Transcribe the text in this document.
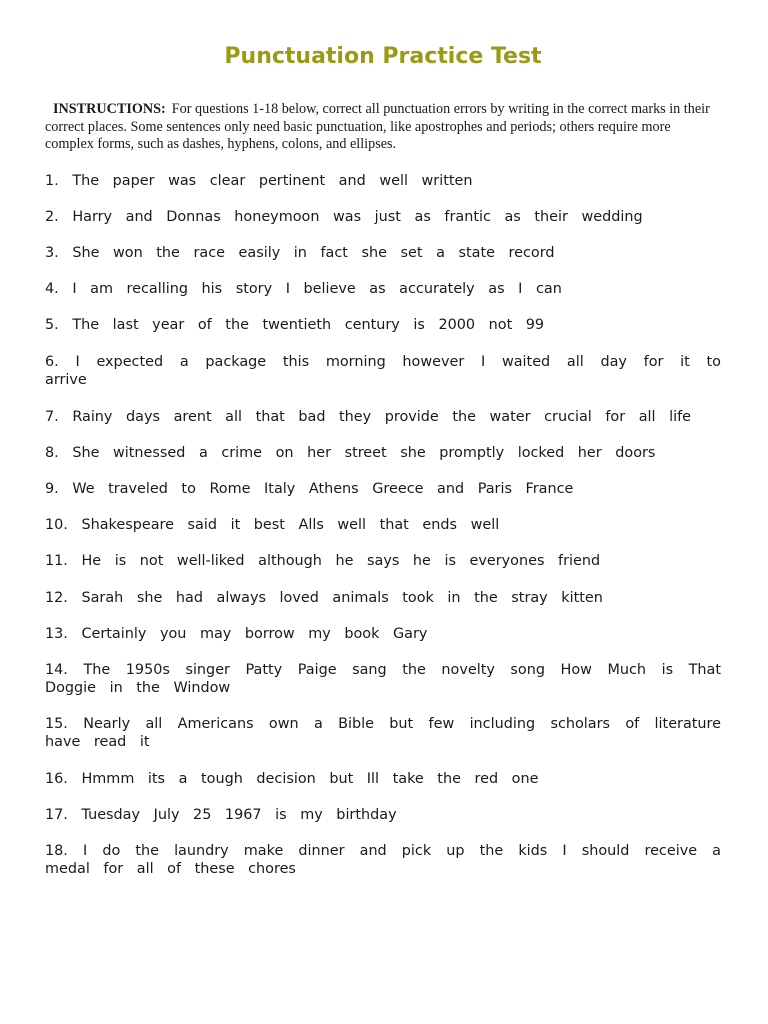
Punctuation Practice Test

INSTRUCTIONS: For questions 1-18 below, correct all punctuation errors by writing in the correct marks in their correct places. Some sentences only need basic punctuation, like apostrophes and periods; others require more complex forms, such as dashes, hyphens, colons, and ellipses.

1. The paper was clear pertinent and well written

2. Harry and Donnas honeymoon was just as frantic as their wedding

3. She won the race easily in fact she set a state record

4. I am recalling his story I believe as accurately as I can

5. The last year of the twentieth century is 2000 not 99

6. I expected a package this morning however I waited all day for it to arrive

7. Rainy days arent all that bad they provide the water crucial for all life

8. She witnessed a crime on her street she promptly locked her doors

9. We traveled to Rome Italy Athens Greece and Paris France

10. Shakespeare said it best Alls well that ends well

11. He is not well-liked although he says he is everyones friend

12. Sarah she had always loved animals took in the stray kitten

13. Certainly you may borrow my book Gary

14. The 1950s singer Patty Paige sang the novelty song How Much is That Doggie in the Window

15. Nearly all Americans own a Bible but few including scholars of literature have read it

16. Hmmm its a tough decision but Ill take the red one

17. Tuesday July 25 1967 is my birthday

18. I do the laundry make dinner and pick up the kids I should receive a medal for all of these chores
